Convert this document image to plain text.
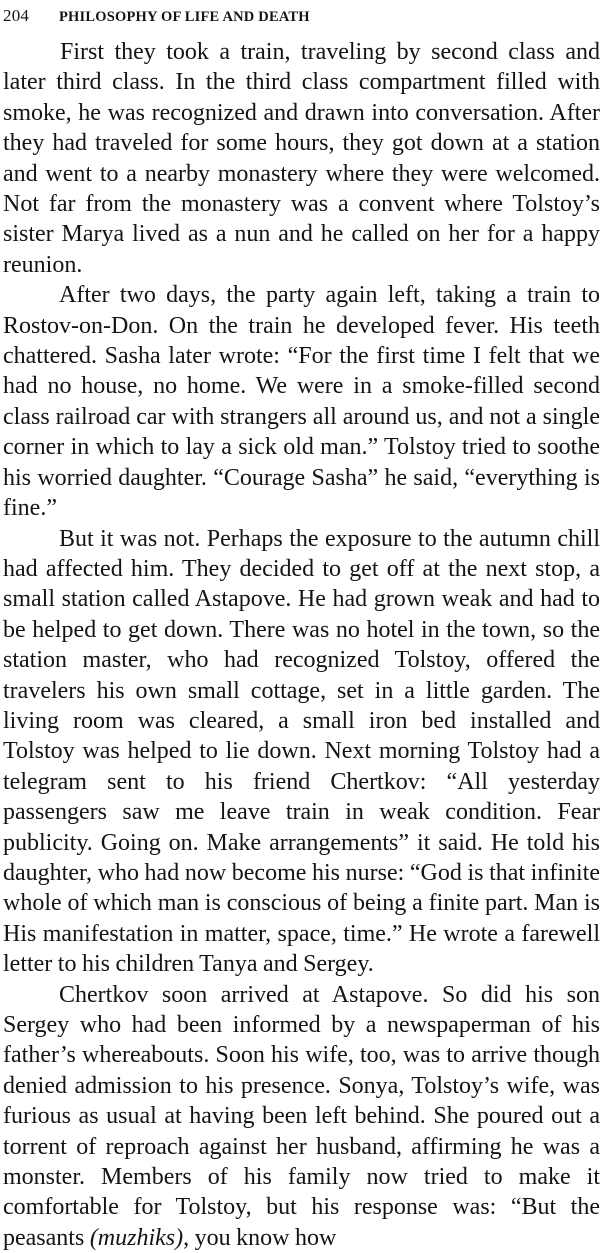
204 PHILOSOPHY OF LIFE AND DEATH

First they took a train, traveling by second class and later third class. In the third class compartment filled with smoke, he was recognized and drawn into conversation. After they had traveled for some hours, they got down at a station and went to a nearby monastery where they were welcomed. Not far from the monastery was a convent where Tolstoy’s sister Marya lived as a nun and he called on her for a happy reunion.

After two days, the party again left, taking a train to Rostov-on-Don. On the train he developed fever. His teeth chattered. Sasha later wrote: “For the first time I felt that we had no house, no home. We were in a smoke-filled second class railroad car with strangers all around us, and not a single corner in which to lay a sick old man.” Tolstoy tried to soothe his worried daughter. “Courage Sasha” he said, “everything is fine.”

But it was not. Perhaps the exposure to the autumn chill had affected him. They decided to get off at the next stop, a small station called Astapove. He had grown weak and had to be helped to get down. There was no hotel in the town, so the station master, who had recognized Tolstoy, offered the travelers his own small cottage, set in a little garden. The living room was cleared, a small iron bed installed and Tolstoy was helped to lie down. Next morning Tolstoy had a telegram sent to his friend Chertkov: “All yesterday passengers saw me leave train in weak condition. Fear publicity. Going on. Make arrangements” it said. He told his daughter, who had now become his nurse: “God is that infinite whole of which man is conscious of being a finite part. Man is His manifestation in matter, space, time.” He wrote a farewell letter to his children Tanya and Sergey.

Chertkov soon arrived at Astapove. So did his son Sergey who had been informed by a newspaperman of his father’s whereabouts. Soon his wife, too, was to arrive though denied admission to his presence. Sonya, Tolstoy’s wife, was furious as usual at having been left behind. She poured out a torrent of reproach against her husband, affirming he was a monster. Members of his family now tried to make it comfortable for Tolstoy, but his response was: “But the peasants (muzhiks), you know how
